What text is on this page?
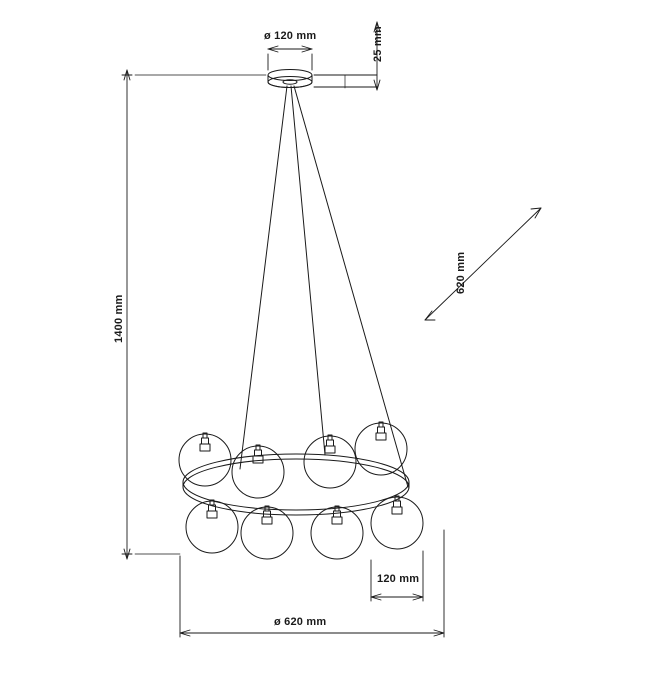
ø 120 mm	25 mm
1400 mm
620 mm
120 mm
ø 620 mm
